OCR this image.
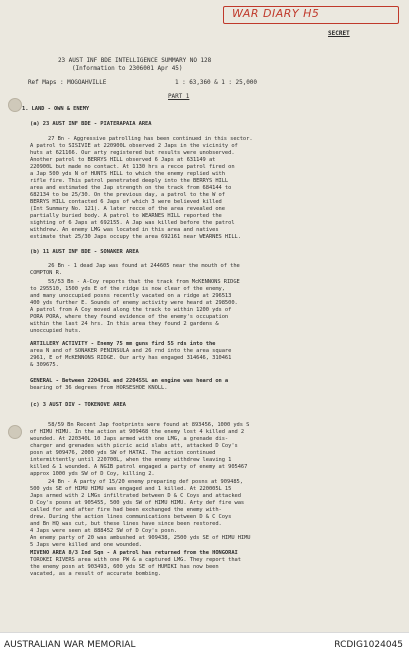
WAR DIARY H5
SECRET
23 AUST INF BDE INTELLIGENCE SUMMARY NO 128
(Information to 2306001 Apr 45)
Ref Maps : MOGOAHVILLE	1 : 63,360 & 1 : 25,000
PART 1
1. LAND - OWN & ENEMY
(a) 23 AUST INF BDE - PIATERAPAIA AREA
27 Bn - Aggressive patrolling has been continued in this sector.
A patrol to SISIVIE at 220900L observed 2 Japs in the vicinity of
huts at 621166. Our arty registered but results were unobserved.
Another patrol to BERRYS HILL observed 6 Japs at 631149 at
220900L but made no contact. At 1130 hrs a recce patrol fired on
a Jap 500 yds N of HUNTS HILL to which the enemy replied with
rifle fire. This patrol penetrated deeply into the BERRYS HILL
area and estimated the Jap strength on the track from 684144 to
682134 to be 25/30. On the previous day, a patrol to the W of
BERRYS HILL contacted 6 Japs of which 3 were believed killed
(Int Summary No. 121). A later recce of the area revealed one
partially buried body. A patrol to WEARNES HILL reported the
sighting of 6 Japs at 692155. A Jap was killed before the patrol
withdrew. An enemy LMG was located in this area and natives
estimate that 25/30 Japs occupy the area 692161 near WEARNES HILL.
(b) 11 AUST INF BDE - SONAKER AREA
26 Bn - 1 dead Jap was found at 244605 near the mouth of the
COMPTON R.
55/53 Bn - A-Coy reports that the track from McKENNONS RIDGE
to 295510, 1500 yds E of the ridge is now clear of the enemy,
and many unoccupied posns recently vacated on a ridge at 296513
400 yds further E. Sounds of enemy activity were heard at 298500.
A patrol from A Coy moved along the track to within 1200 yds of
PORA PORA, where they found evidence of the enemy's occupation
within the last 24 hrs. In this area they found 2 gardens &
unoccupied huts.
ARTILLERY ACTIVITY - Enemy 75 mm guns fird 55 rds into the
area N and of SONAKER PENINSULA and 26 rnd into the area square
2961, E of McKENNONS RIDGE. Our arty has engaged 314646, 310461
& 309675.
GENERAL - Between 220436L and 220455L an engine was heard on a
bearing of 36 degrees from HORSESHOE KNOLL.
(c) 3 AUST DIV - TOKENOVE AREA
58/59 Bn Recent Jap footprints were found at 893456, 1000 yds S
of HIMU HIMU. In the action at 909468 the enemy lost 4 killed and 2
wounded. At 220340L 10 Japs armed with one LMG, a grenade dis-
charger and grenades with picric acid slabs att, attacked D Coy's
posn at 909476, 2000 yds SW of HATAI. The action continued
intermittently until 220700L, when the enemy withdrew leaving 1
killed & 1 wounded. A NGIB patrol engaged a party of enemy at 905467
approx 1000 yds SW of D Coy, killing 2.
24 Bn - A party of 15/20 enemy preparing def posns at 909485,
500 yds SE of HIMU HIMU was engaged and 1 killed. At 220005L 15
Japs armed with 2 LMGs infiltrated between D & C Coys and attacked
D Coy's posns at 905455, 500 yds SW of HIMU HIMU. Arty def fire was
called for and after fire had been exchanged the enemy with-
drew. During the action lines communications between D & C Coys
and Bn HQ was cut, but these lines have since been restored.
4 Japs were seen at 888452 SW of D Coy's posn.
An enemy party of 20 was ambushed at 909438, 2500 yds SE of HIMU HIMU
5 Japs were killed and one wounded.
MIVENO AREA 8/3 Ind Sqn - A patrol has returned from the HONGORAI
TOROKEI RIVERS area with one PW & a captured LMG. They report that
the enemy posn at 903493, 600 yds SE of HUMIKI has now been
vacated, as a result of accurate bombing.
AUSTRALIAN WAR MEMORIAL	RCDIG1024045
